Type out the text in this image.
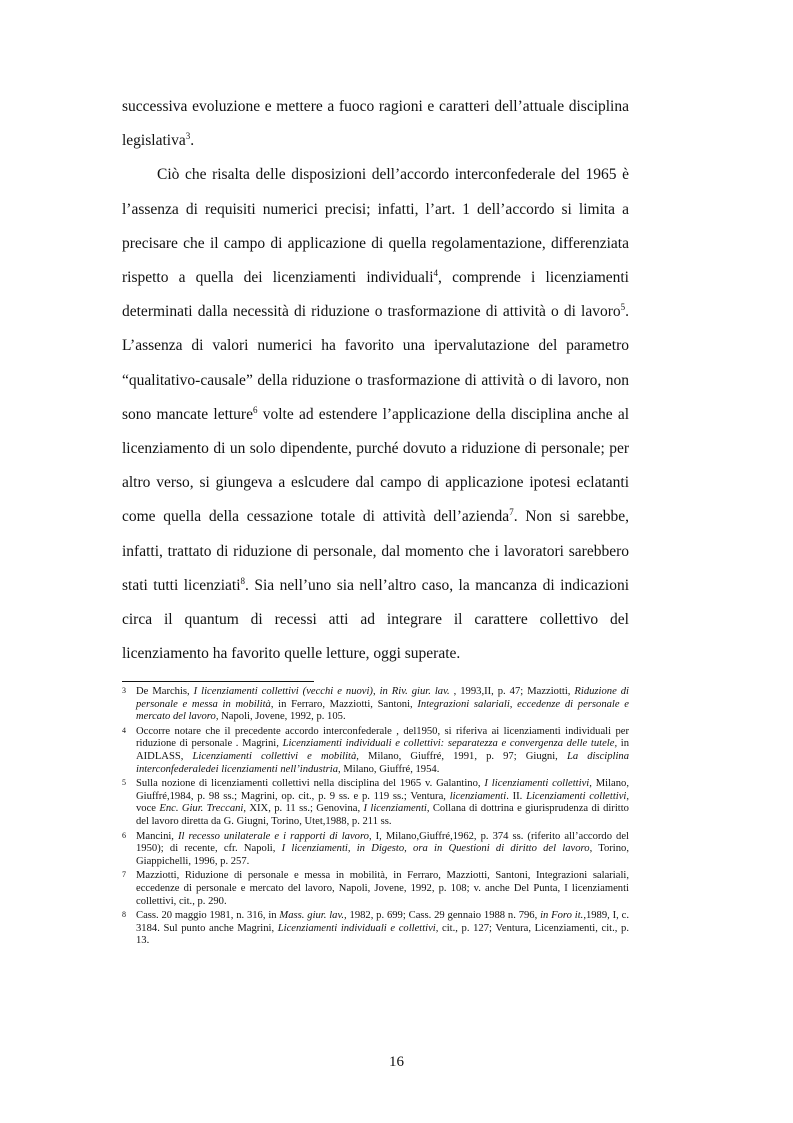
successiva evoluzione e mettere a fuoco ragioni e caratteri dell’attuale disciplina legislativa$^3$.

Ciò che risalta delle disposizioni dell’accordo interconfederale del 1965 è l’assenza di requisiti numerici precisi; infatti, l’art. 1 dell’accordo si limita a precisare che il campo di applicazione di quella regolamentazione, differenziata rispetto a quella dei licenziamenti individuali$^4$, comprende i licenziamenti determinati dalla necessità di riduzione o trasformazione di attività o di lavoro$^5$. L’assenza di valori numerici ha favorito una ipervalutazione del parametro “qualitativo-causale” della riduzione o trasformazione di attività o di lavoro, non sono mancate letture$^6$ volte ad estendere l’applicazione della disciplina anche al licenziamento di un solo dipendente, purché dovuto a riduzione di personale; per altro verso, si giungeva a eslcudere dal campo di applicazione ipotesi eclatanti come quella della cessazione totale di attività dell’azienda$^7$. Non si sarebbe, infatti, trattato di riduzione di personale, dal momento che i lavoratori sarebbero stati tutti licenziati$^8$. Sia nell’uno sia nell’altro caso, la mancanza di indicazioni circa il quantum di recessi atti ad integrare il carattere collettivo del licenziamento ha favorito quelle letture, oggi superate.

3 De Marchis, I licenziamenti collettivi (vecchi e nuovi), in Riv. giur. lav. , 1993,II, p. 47; Mazziotti, Riduzione di personale e messa in mobilità, in Ferraro, Mazziotti, Santoni, Integrazioni salariali, eccedenze di personale e mercato del lavoro, Napoli, Jovene, 1992, p. 105.
4 Occorre notare che il precedente accordo interconfederale , del1950, si riferiva ai licenziamenti individuali per riduzione di personale . Magrini, Licenziamenti individuali e collettivi: separatezza e convergenza delle tutele, in AIDLASS, Licenziamenti collettivi e mobilità, Milano, Giuffré, 1991, p. 97; Giugni, La disciplina interconfederaledei licenziamenti nell’industria, Milano, Giuffré, 1954.
5 Sulla nozione di licenziamenti collettivi nella disciplina del 1965 v. Galantino, I licenziamenti collettivi, Milano, Giuffré,1984, p. 98 ss.; Magrini, op. cit., p. 9 ss. e p. 119 ss.; Ventura, licenziamenti. II. Licenziamenti collettivi, voce Enc. Giur. Treccani, XIX, p. 11 ss.; Genovina, I licenziamenti, Collana di dottrina e giurisprudenza di diritto del lavoro diretta da G. Giugni, Torino, Utet,1988, p. 211 ss.
6 Mancini, Il recesso unilaterale e i rapporti di lavoro, I, Milano,Giuffré,1962, p. 374 ss. (riferito all’accordo del 1950); di recente, cfr. Napoli, I licenziamenti, in Digesto, ora in Questioni di diritto del lavoro, Torino, Giappichelli, 1996, p. 257.
7 Mazziotti, Riduzione di personale e messa in mobilità, in Ferraro, Mazziotti, Santoni, Integrazioni salariali, eccedenze di personale e mercato del lavoro, Napoli, Jovene, 1992, p. 108; v. anche Del Punta, I licenziamenti collettivi, cit., p. 290.
8 Cass. 20 maggio 1981, n. 316, in Mass. giur. lav., 1982, p. 699; Cass. 29 gennaio 1988 n. 796, in Foro it.,1989, I, c. 3184. Sul punto anche Magrini, Licenziamenti individuali e collettivi, cit., p. 127; Ventura, Licenziamenti, cit., p. 13.
16
